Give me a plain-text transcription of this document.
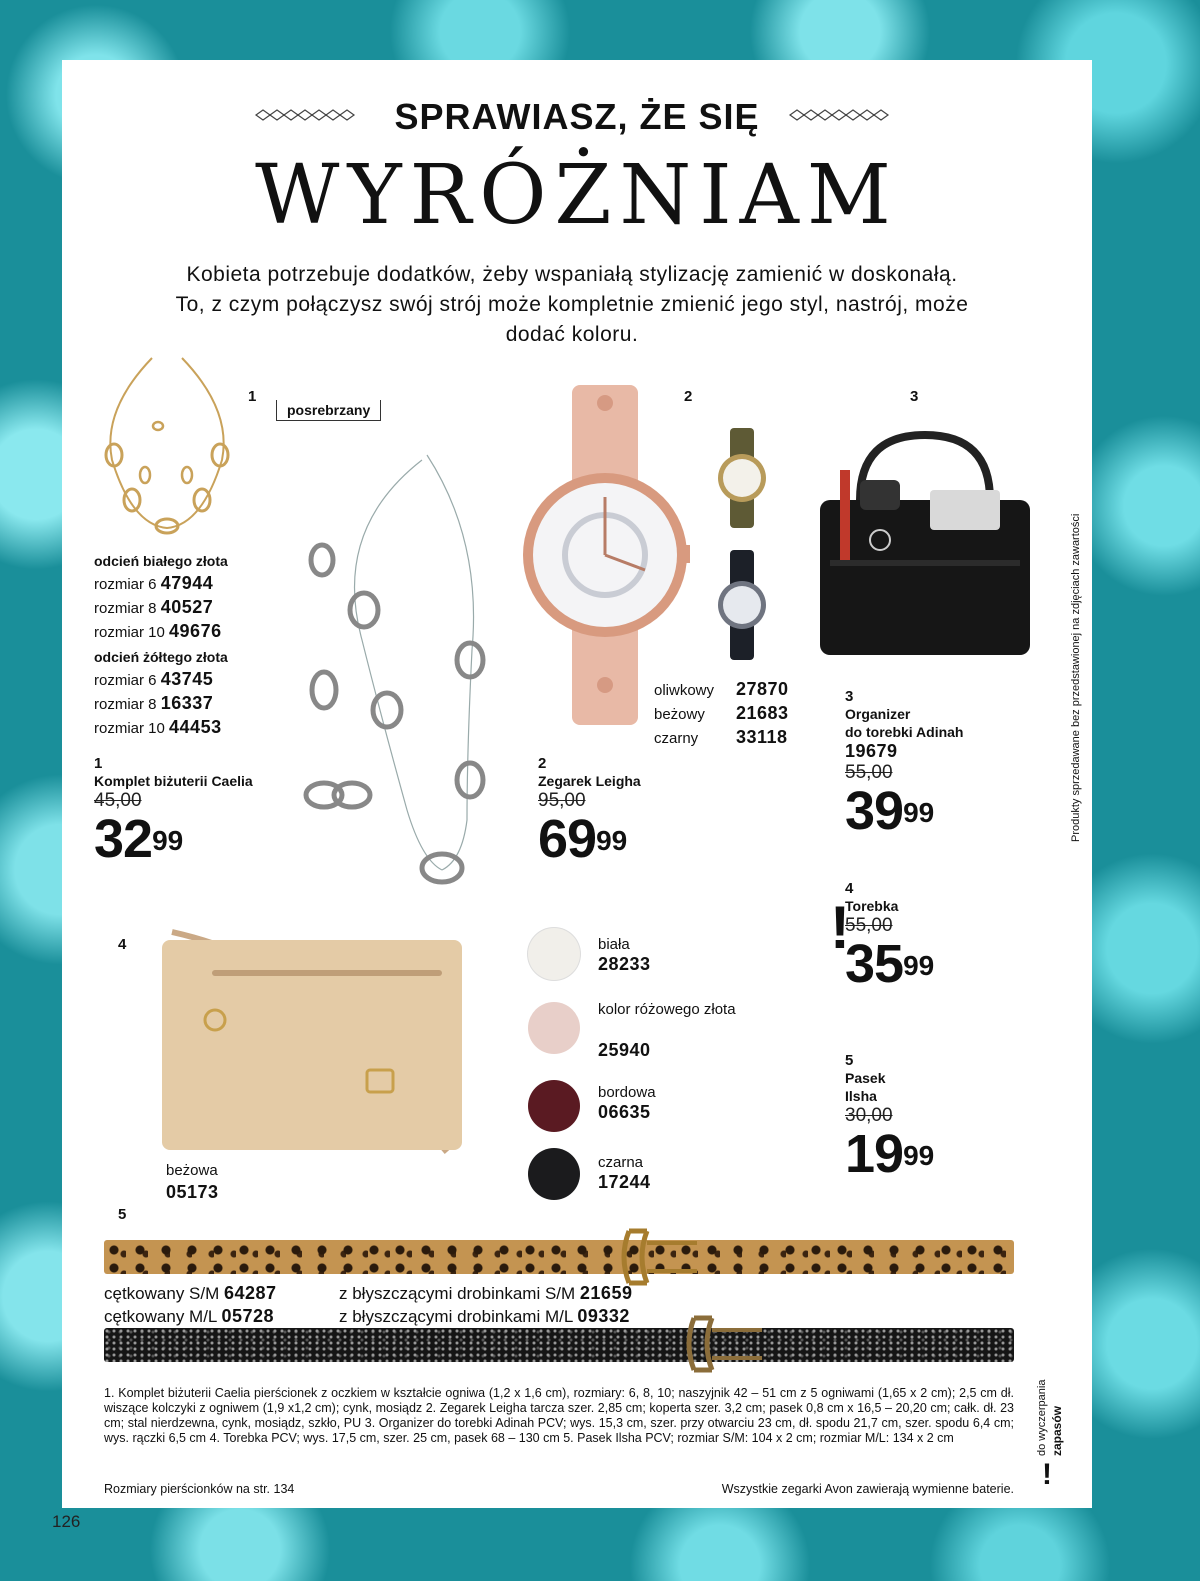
SPRAWIASZ, ŻE SIĘ
WYRÓŻNIAM
Kobieta potrzebuje dodatków, żeby wspaniałą stylizację zamienić w doskonałą. To, z czym połączysz swój strój może kompletnie zmienić jego styl, nastrój, może dodać koloru.
1
posrebrzany
odcień białego złota
rozmiar 6 47944
rozmiar 8 40527
rozmiar 10 49676
odcień żółtego złota
rozmiar 6 43745
rozmiar 8 16337
rozmiar 10 44453
1
Komplet biżuterii Caelia
45,00
$32^{99}$
2
oliwkowy 27870
beżowy 21683
czarny 33118
2
Zegarek Leigha
95,00
$69^{99}$
3
3
Organizer
do torebki Adinah
19679
55,00
$39^{99}$
4
beżowa
05173
biała
28233
kolor różowego złota
25940
bordowa
06635
czarna
17244
!
4
Torebka
55,00
$35^{99}$
5
Pasek
Ilsha
30,00
$19^{99}$
5
cętkowany S/M 64287
cętkowany M/L 05728
z błyszczącymi drobinkami S/M 21659
z błyszczącymi drobinkami M/L 09332
1. Komplet biżuterii Caelia pierścionek z oczkiem w kształcie ogniwa (1,2 x 1,6 cm), rozmiary: 6, 8, 10; naszyjnik 42 – 51 cm z 5 ogniwami (1,65 x 2 cm); 2,5 cm dł. wiszące kolczyki z ogniwem (1,9 x1,2 cm); cynk, mosiądz 2. Zegarek Leigha tarcza szer. 2,85 cm; koperta szer. 3,2 cm; pasek 0,8 cm x 16,5 – 20,20 cm; całk. dł. 23 cm; stal nierdzewna, cynk, mosiądz, szkło, PU 3. Organizer do torebki Adinah PCV; wys. 15,3 cm, szer. przy otwarciu 23 cm, dł. spodu 21,7 cm, szer. spodu 6,4 cm; wys. rączki 6,5 cm 4. Torebka PCV; wys. 17,5 cm, szer. 25 cm, pasek 68 – 130 cm 5. Pasek Ilsha PCV; rozmiar S/M: 104 x 2 cm; rozmiar M/L: 134 x 2 cm
Rozmiary pierścionków na str. 134	Wszystkie zegarki Avon zawierają wymienne baterie. !
do wyczerpania zapasów
Produkty sprzedawane bez przedstawionej na zdjęciach zawartości
126
